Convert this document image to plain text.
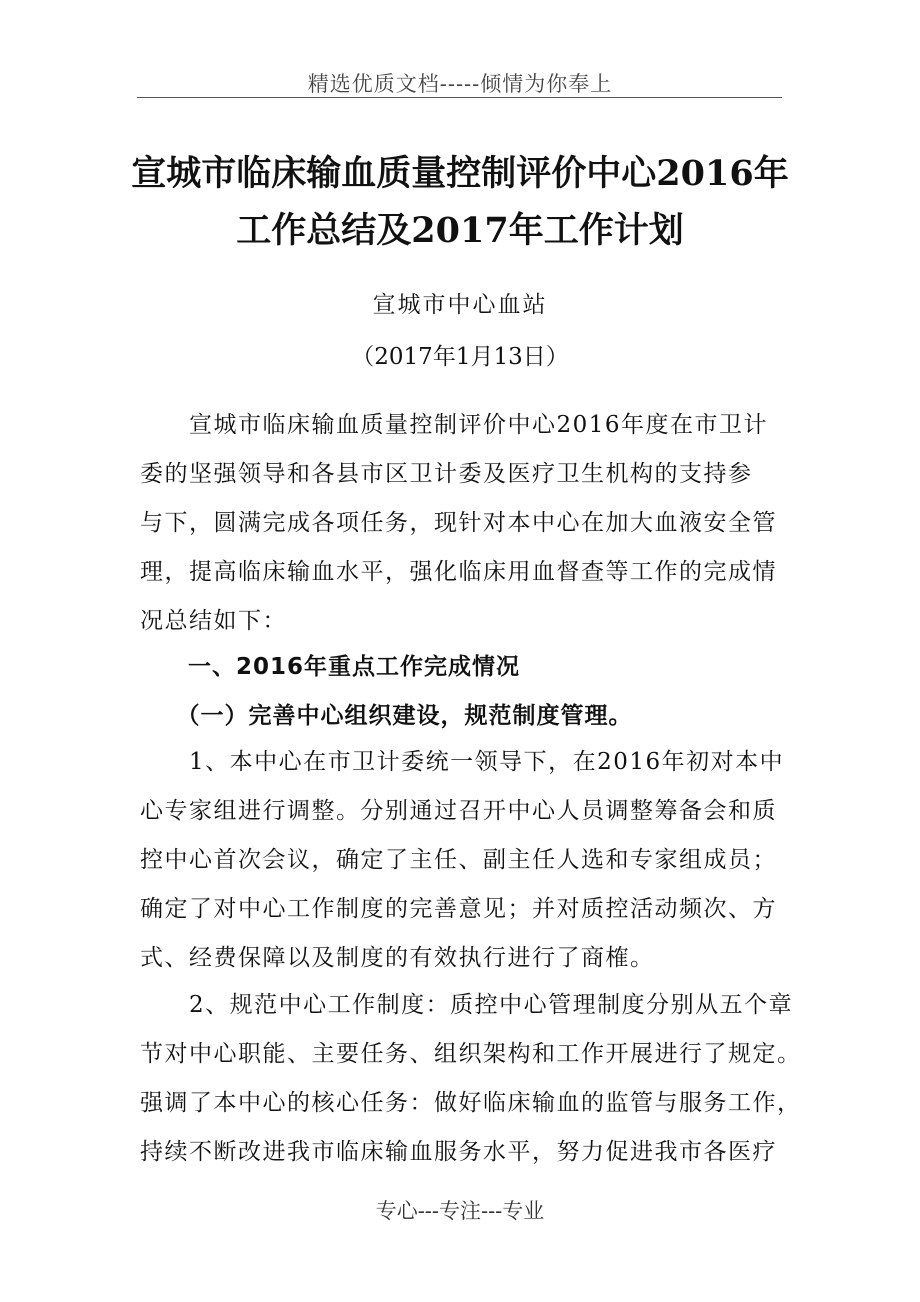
精选优质文档-----倾情为你奉上
宣城市临床输血质量控制评价中心2016年
工作总结及2017年工作计划
宣城市中心血站
（2017年1月13日）
　　宣城市临床输血质量控制评价中心2016年度在市卫计
委的坚强领导和各县市区卫计委及医疗卫生机构的支持参
与下，圆满完成各项任务，现针对本中心在加大血液安全管
理，提高临床输血水平，强化临床用血督查等工作的完成情
况总结如下：
　　一、2016年重点工作完成情况
　　（一）完善中心组织建设，规范制度管理。
　　1、本中心在市卫计委统一领导下，在2016年初对本中
心专家组进行调整。分别通过召开中心人员调整筹备会和质
控中心首次会议，确定了主任、副主任人选和专家组成员；
确定了对中心工作制度的完善意见；并对质控活动频次、方
式、经费保障以及制度的有效执行进行了商榷。
　　2、规范中心工作制度：质控中心管理制度分别从五个章
节对中心职能、主要任务、组织架构和工作开展进行了规定。
强调了本中心的核心任务：做好临床输血的监管与服务工作，
持续不断改进我市临床输血服务水平，努力促进我市各医疗
专心---专注---专业
